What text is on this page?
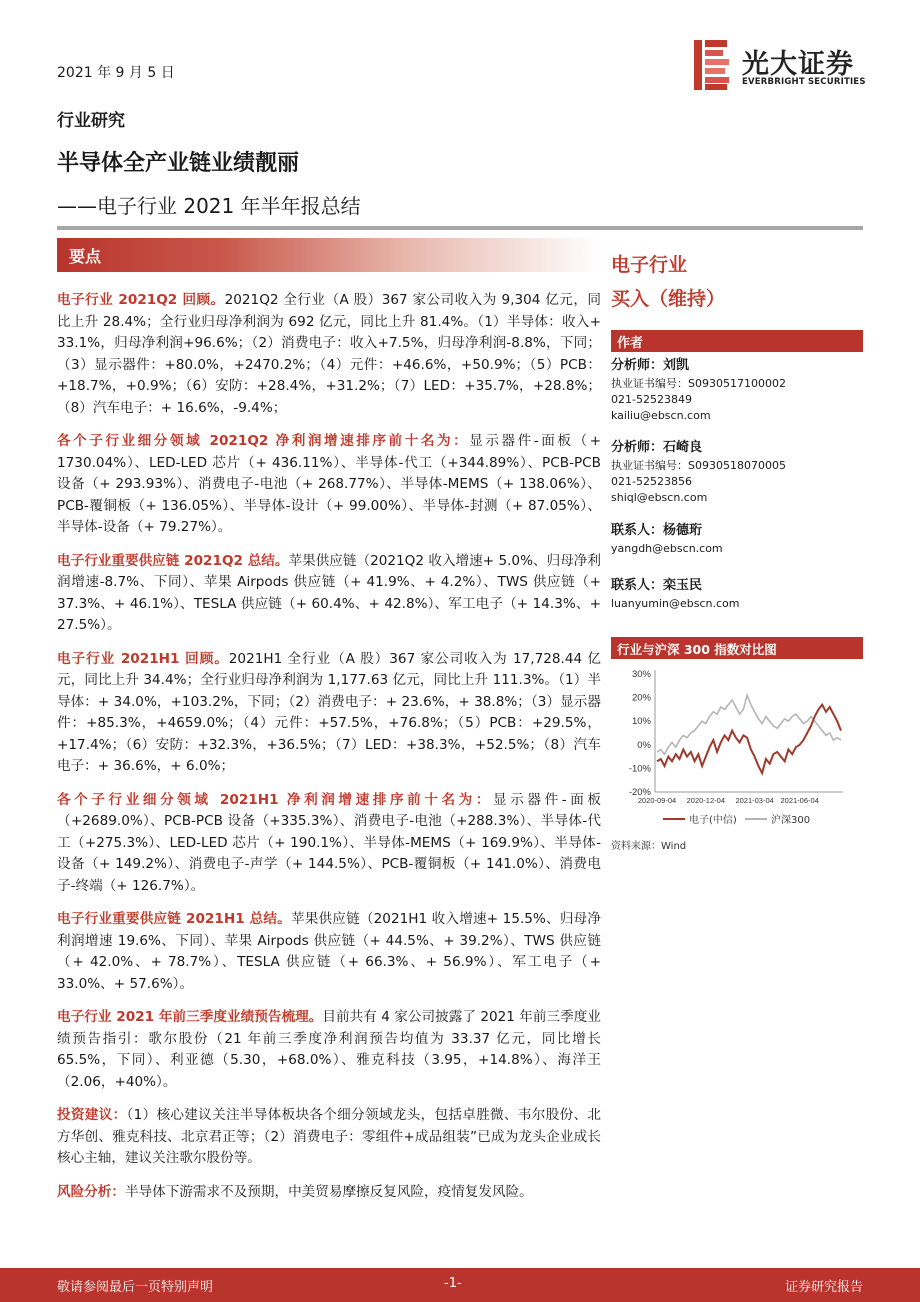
2021 年 9 月 5 日	光大证券
EVERBRIGHT SECURITIES
行业研究
半导体全产业链业绩靓丽
——电子行业 2021 年半年报总结
要点

电子行业 2021Q2 回顾。2021Q2 全行业（A 股）367 家公司收入为 9,304 亿元，同比上升 28.4%；全行业归母净利润为 692 亿元，同比上升 81.4%。（1）半导体：收入+ 33.1%，归母净利润+96.6%；（2）消费电子：收入+7.5%，归母净利润-8.8%，下同；（3）显示器件：+80.0%，+2470.2%；（4）元件：+46.6%，+50.9%；（5）PCB：+18.7%，+0.9%；（6）安防：+28.4%，+31.2%；（7）LED：+35.7%，+28.8%；（8）汽车电子：+ 16.6%，-9.4%；

各个子行业细分领域 2021Q2 净利润增速排序前十名为：显示器件-面板（+ 1730.04%）、LED-LED 芯片（+ 436.11%）、半导体-代工（+344.89%）、PCB-PCB 设备（+ 293.93%）、消费电子-电池（+ 268.77%）、半导体-MEMS（+ 138.06%）、PCB-覆铜板（+ 136.05%）、半导体-设计（+ 99.00%）、半导体-封测（+ 87.05%）、半导体-设备（+ 79.27%）。

电子行业重要供应链 2021Q2 总结。苹果供应链（2021Q2 收入增速+ 5.0%、归母净利润增速-8.7%、下同）、苹果 Airpods 供应链（+ 41.9%、+ 4.2%）、TWS 供应链（+ 37.3%、+ 46.1%）、TESLA 供应链（+ 60.4%、+ 42.8%）、军工电子（+ 14.3%、+ 27.5%）。

电子行业 2021H1 回顾。2021H1 全行业（A 股）367 家公司收入为 17,728.44 亿元，同比上升 34.4%；全行业归母净利润为 1,177.63 亿元，同比上升 111.3%。（1）半导体：+ 34.0%，+103.2%，下同；（2）消费电子：+ 23.6%，+ 38.8%；（3）显示器件：+85.3%，+4659.0%；（4）元件：+57.5%，+76.8%；（5）PCB：+29.5%，+17.4%；（6）安防：+32.3%，+36.5%；（7）LED：+38.3%，+52.5%；（8）汽车电子：+ 36.6%，+ 6.0%；

各个子行业细分领域 2021H1 净利润增速排序前十名为：显示器件-面板（+2689.0%）、PCB-PCB 设备（+335.3%）、消费电子-电池（+288.3%）、半导体-代工（+275.3%）、LED-LED 芯片（+ 190.1%）、半导体-MEMS（+ 169.9%）、半导体-设备（+ 149.2%）、消费电子-声学（+ 144.5%）、PCB-覆铜板（+ 141.0%）、消费电子-终端（+ 126.7%）。

电子行业重要供应链 2021H1 总结。苹果供应链（2021H1 收入增速+ 15.5%、归母净利润增速 19.6%、下同）、苹果 Airpods 供应链（+ 44.5%、+ 39.2%）、TWS 供应链（+ 42.0%、+ 78.7%）、TESLA 供应链（+ 66.3%、+ 56.9%）、军工电子（+ 33.0%、+ 57.6%）。

电子行业 2021 年前三季度业绩预告梳理。目前共有 4 家公司披露了 2021 年前三季度业绩预告指引：歌尔股份（21 年前三季度净利润预告均值为 33.37 亿元，同比增长 65.5%，下同）、利亚德（5.30，+68.0%）、雅克科技（3.95，+14.8%）、海洋王（2.06，+40%）。

投资建议：（1）核心建议关注半导体板块各个细分领域龙头，包括卓胜微、韦尔股份、北方华创、雅克科技、北京君正等；（2）消费电子：零组件+成品组装”已成为龙头企业成长核心主轴，建议关注歌尔股份等。

风险分析：半导体下游需求不及预期，中美贸易摩擦反复风险，疫情复发风险。

电子行业
买入（维持）
作者
分析师：刘凯
执业证书编号：S0930517100002
021-52523849
kailiu@ebscn.com
分析师：石崎良
执业证书编号：S0930518070005
021-52523856
shiql@ebscn.com
联系人：杨德珩
yangdh@ebscn.com
联系人：栾玉民
luanyumin@ebscn.com
行业与沪深 300 指数对比图
30%
20%
10%
0%
-10%
-20%
2020-09-04 2020-12-04 2021-03-04 2021-06-04
电子(中信)	沪深300
资料来源：Wind
敬请参阅最后一页特别声明	-1-	证券研究报告
